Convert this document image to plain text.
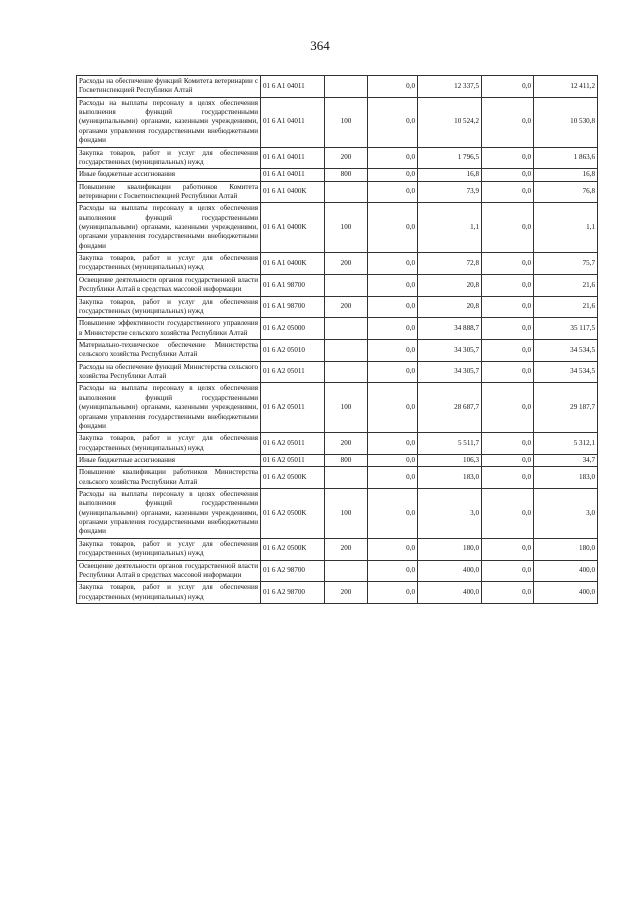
364
Расходы на обеспечение функций Комитета ветеринарии с Госветинспекцией Республики Алтай	01 6 A1 04011		0,0	12 337,5	0,0	12 411,2
Расходы на выплаты персоналу в целях обеспечения выполнения функций государственными (муниципальными) органами, казенными учреждениями, органами управления государственными внебюджетными фондами	01 6 A1 04011	100	0,0	10 524,2	0,0	10 530,8
Закупка товаров, работ и услуг для обеспечения государственных (муниципальных) нужд	01 6 A1 04011	200	0,0	1 796,5	0,0	1 863,6
Иные бюджетные ассигнования	01 6 A1 04011	800	0,0	16,8	0,0	16,8
Повышение квалификации работников Комитета ветеринарии с Госветинспекцией Республики Алтай	01 6 A1 0400K		0,0	73,9	0,0	76,8
Расходы на выплаты персоналу в целях обеспечения выполнения функций государственными (муниципальными) органами, казенными учреждениями, органами управления государственными внебюджетными фондами	01 6 A1 0400K	100	0,0	1,1	0,0	1,1
Закупка товаров, работ и услуг для обеспечения государственных (муниципальных) нужд	01 6 A1 0400K	200	0,0	72,8	0,0	75,7
Освещение деятельности органов государственной власти Республики Алтай в средствах массовой информации	01 6 A1 98700		0,0	20,8	0,0	21,6
Закупка товаров, работ и услуг для обеспечения государственных (муниципальных) нужд	01 6 A1 98700	200	0,0	20,8	0,0	21,6
Повышение эффективности государственного управления в Министерстве сельского хозяйства Республики Алтай	01 6 A2 05000		0,0	34 888,7	0,0	35 117,5
Материально-техническое обеспечение Министерства сельского хозяйства Республики Алтай	01 6 A2 05010		0,0	34 305,7	0,0	34 534,5
Расходы на обеспечение функций Министерства сельского хозяйства Республики Алтай	01 6 A2 05011		0,0	34 305,7	0,0	34 534,5
Расходы на выплаты персоналу в целях обеспечения выполнения функций государственными (муниципальными) органами, казенными учреждениями, органами управления государственными внебюджетными фондами	01 6 A2 05011	100	0,0	28 687,7	0,0	29 187,7
Закупка товаров, работ и услуг для обеспечения государственных (муниципальных) нужд	01 6 A2 05011	200	0,0	5 511,7	0,0	5 312,1
Иные бюджетные ассигнования	01 6 A2 05011	800	0,0	106,3	0,0	34,7
Повышение квалификации работников Министерства сельского хозяйства Республики Алтай	01 6 A2 0500K		0,0	183,0	0,0	183,0
Расходы на выплаты персоналу в целях обеспечения выполнения функций государственными (муниципальными) органами, казенными учреждениями, органами управления государственными внебюджетными фондами	01 6 A2 0500K	100	0,0	3,0	0,0	3,0
Закупка товаров, работ и услуг для обеспечения государственных (муниципальных) нужд	01 6 A2 0500K	200	0,0	180,0	0,0	180,0
Освещение деятельности органов государственной власти Республики Алтай в средствах массовой информации	01 6 A2 98700		0,0	400,0	0,0	400,0
Закупка товаров, работ и услуг для обеспечения государственных (муниципальных) нужд	01 6 A2 98700	200	0,0	400,0	0,0	400,0
